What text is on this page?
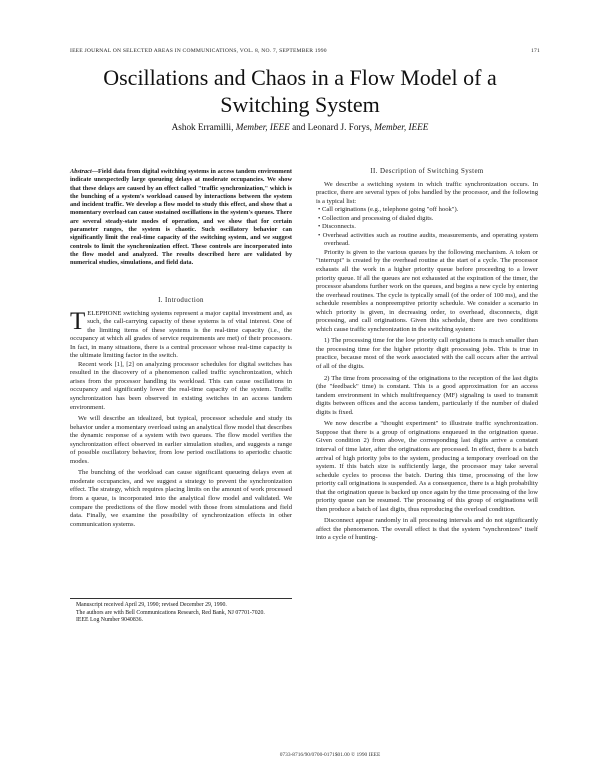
IEEE JOURNAL ON SELECTED AREAS IN COMMUNICATIONS, VOL. 8, NO. 7, SEPTEMBER 1990	171
Oscillations and Chaos in a Flow Model of a Switching System
Ashok Erramilli, Member, IEEE and Leonard J. Forys, Member, IEEE
Abstract—Field data from digital switching systems in access tandem environment indicate unexpectedly large queueing delays at moderate occupancies. We show that these delays are caused by an effect called "traffic synchronization," which is the bunching of a system's workload caused by interactions between the system and incident traffic. We develop a flow model to study this effect, and show that a momentary overload can cause sustained oscillations in the system's queues. There are several steady-state modes of operation, and we show that for certain parameter ranges, the system is chaotic. Such oscillatory behavior can significantly limit the real-time capacity of the switching system, and we suggest controls to limit the synchronization effect. These controls are incorporated into the flow model and analyzed. The results described here are validated by numerical studies, simulations, and field data.

I. Introduction

TELEPHONE switching systems represent a major capital investment and, as such, the call-carrying capacity of these systems is of vital interest. One of the limiting items of these systems is the real-time capacity (i.e., the occupancy at which all grades of service requirements are met) of their processors. In fact, in many situations, there is a central processor whose real-time capacity is the ultimate limiting factor in the switch.

Recent work [1], [2] on analyzing processor schedules for digital switches has resulted in the discovery of a phenomenon called traffic synchronization, which arises from the processor handling its workload. This can cause oscillations in occupancy and significantly lower the real-time capacity of the system. Traffic synchronization has been observed in existing switches in an access tandem environment.

We will describe an idealized, but typical, processor schedule and study its behavior under a momentary overload using an analytical flow model that describes the dynamic response of a system with two queues. The flow model verifies the synchronization effect observed in earlier simulation studies, and suggests a range of possible oscillatory behavior, from low period oscillations to aperiodic chaotic modes.

The bunching of the workload can cause significant queueing delays even at moderate occupancies, and we suggest a strategy to prevent the synchronization effect. The strategy, which requires placing limits on the amount of work processed from a queue, is incorporated into the analytical flow model and validated. We compare the predictions of the flow model with those from simulations and field data. Finally, we examine the possibility of synchronization effects in other communication systems.

Manuscript received April 29, 1990; revised December 29, 1990.

The authors are with Bell Communications Research, Red Bank, NJ 07701-7020.

IEEE Log Number 9040836.

II. Description of Switching System

We describe a switching system in which traffic synchronization occurs. In practice, there are several types of jobs handled by the processor, and the following is a typical list:

• Call originations (e.g., telephone going "off hook").

• Collection and processing of dialed digits.

• Disconnects.

• Overhead activities such as routine audits, measurements, and operating system overhead.

Priority is given to the various queues by the following mechanism. A token or "interrupt" is created by the overhead routine at the start of a cycle. The processor exhausts all the work in a higher priority queue before proceeding to a lower priority queue. If all the queues are not exhausted at the expiration of the timer, the processor abandons further work on the queues, and begins a new cycle by entering the overhead routines. The cycle is typically small (of the order of 100 ms), and the schedule resembles a nonpreemptive priority schedule. We consider a scenario in which priority is given, in decreasing order, to overhead, disconnects, digit processing, and call originations. Given this schedule, there are two conditions which cause traffic synchronization in the switching system:

1) The processing time for the low priority call originations is much smaller than the processing time for the higher priority digit processing jobs. This is true in practice, because most of the work associated with the call occurs after the arrival of all of the digits.

2) The time from processing of the originations to the reception of the last digits (the "feedback" time) is constant. This is a good approximation for an access tandem environment in which multifrequency (MF) signaling is used to transmit digits between offices and the access tandem, particularly if the number of dialed digits is fixed.

We now describe a "thought experiment" to illustrate traffic synchronization. Suppose that there is a group of originations enqueued in the origination queue. Given condition 2) from above, the corresponding last digits arrive a constant interval of time later, after the originations are processed. In effect, there is a batch arrival of high priority jobs to the system, producing a temporary overload on the system. If this batch size is sufficiently large, the processor may take several schedule cycles to process the batch. During this time, processing of the low priority call originations is suspended. As a consequence, there is a high probability that the origination queue is backed up once again by the time processing of the low priority queue can be resumed. The processing of this group of originations will then produce a batch of last digits, thus reproducing the overload condition.

Disconnect appear randomly in all processing intervals and do not significantly affect the phenomenon. The overall effect is that the system "synchronizes" itself into a cycle of hunting-

0733-8716/90/0700-0171$01.00 © 1990 IEEE
